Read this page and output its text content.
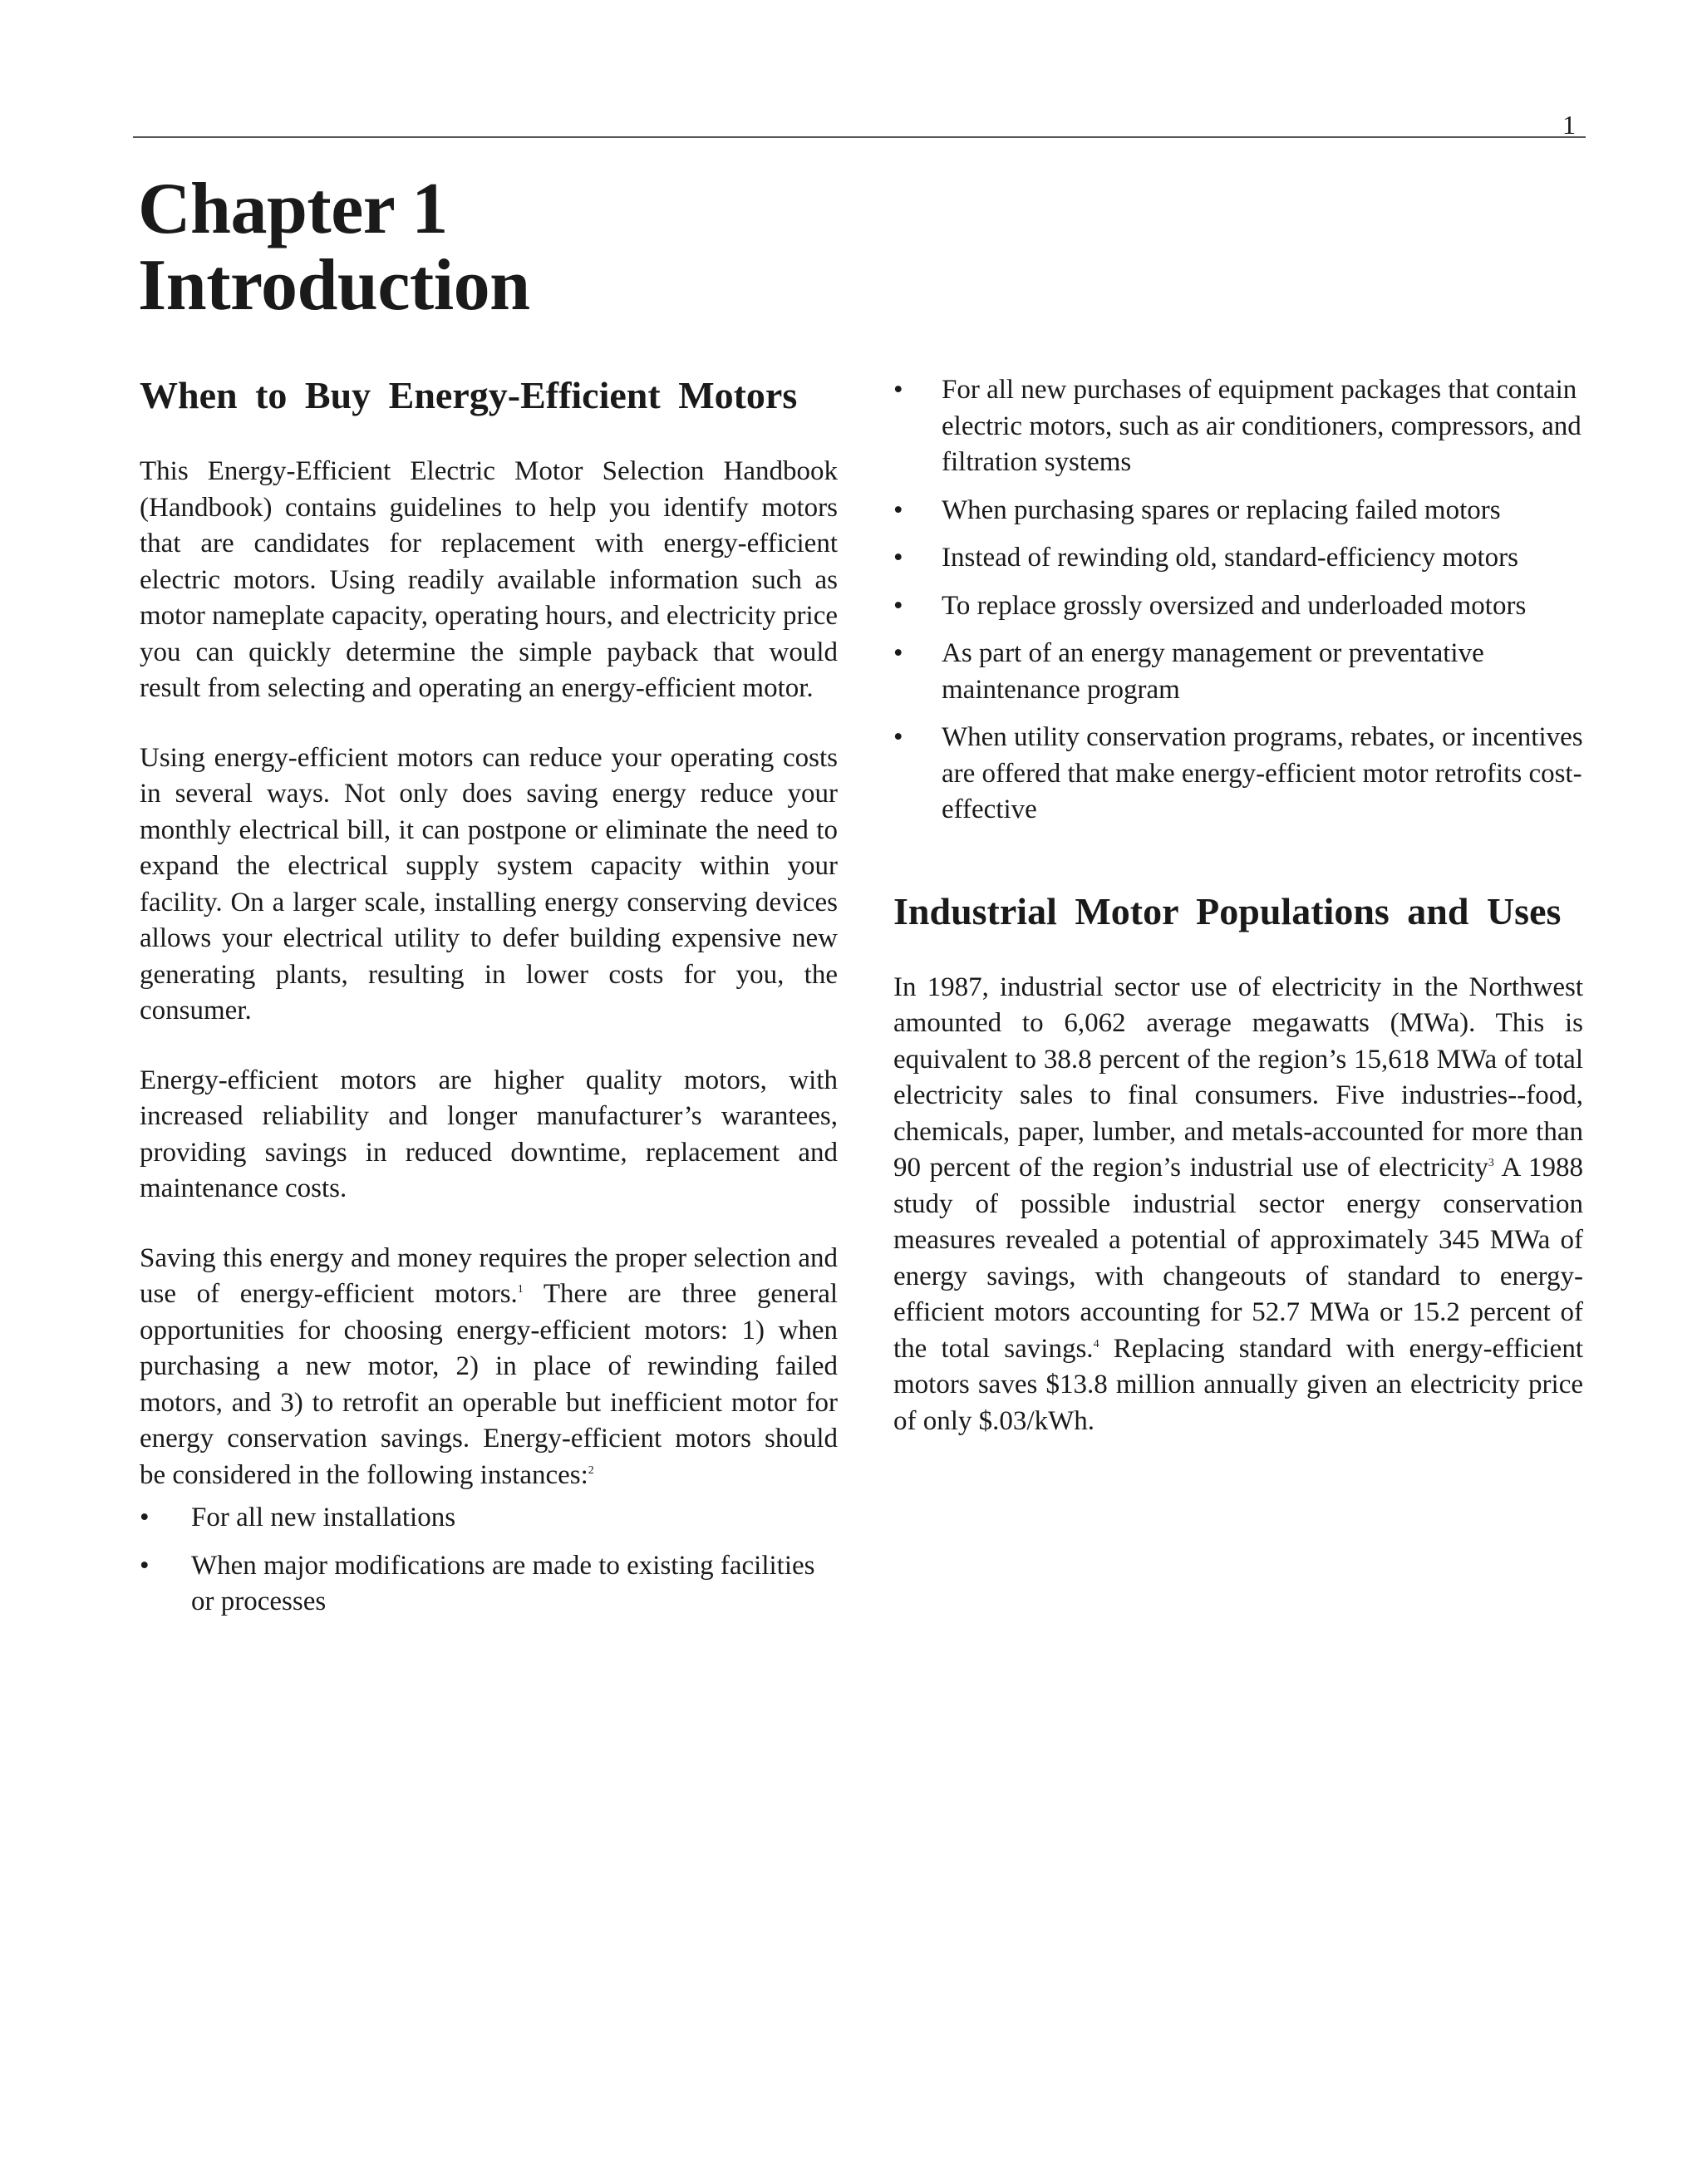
1
Chapter 1
Introduction
When to Buy Energy-Efficient Motors

This Energy-Efficient Electric Motor Selection Handbook (Handbook) contains guidelines to help you identify motors that are candidates for replacement with energy-efficient electric motors. Using readily available information such as motor nameplate capacity, operating hours, and electricity price you can quickly determine the simple payback that would result from selecting and operating an energy-efficient motor.

Using energy-efficient motors can reduce your operating costs in several ways. Not only does saving energy reduce your monthly electrical bill, it can postpone or eliminate the need to expand the electrical supply system capacity within your facility. On a larger scale, installing energy conserving devices allows your electrical utility to defer building expensive new generating plants, resulting in lower costs for you, the consumer.

Energy-efficient motors are higher quality motors, with increased reliability and longer manufacturer’s warantees, providing savings in reduced downtime, replacement and maintenance costs.

Saving this energy and money requires the proper selection and use of energy-efficient motors.$^1$ There are three general opportunities for choosing energy-efficient motors: 1) when purchasing a new motor, 2) in place of rewinding failed motors, and 3) to retrofit an operable but inefficient motor for energy conservation savings. Energy-efficient motors should be considered in the following instances:$^2$

•	For all new installations
•	When major modifications are made to existing facilities or processes
•	For all new purchases of equipment packages that contain electric motors, such as air conditioners, compressors, and filtration systems
•	When purchasing spares or replacing failed motors
•	Instead of rewinding old, standard-efficiency motors
•	To replace grossly oversized and underloaded motors
•	As part of an energy management or preventative maintenance program
•	When utility conservation programs, rebates, or incentives are offered that make energy-efficient motor retrofits cost-effective
Industrial Motor Populations and Uses

In 1987, industrial sector use of electricity in the Northwest amounted to 6,062 average megawatts (MWa). This is equivalent to 38.8 percent of the region’s 15,618 MWa of total electricity sales to final consumers. Five industries--food, chemicals, paper, lumber, and metals-accounted for more than 90 percent of the region’s industrial use of electricity$^3$ A 1988 study of possible industrial sector energy conservation measures revealed a potential of approximately 345 MWa of energy savings, with changeouts of standard to energy-efficient motors accounting for 52.7 MWa or 15.2 percent of the total savings.$^4$ Replacing standard with energy-efficient motors saves $13.8 million annually given an electricity price of only $.03/kWh.
